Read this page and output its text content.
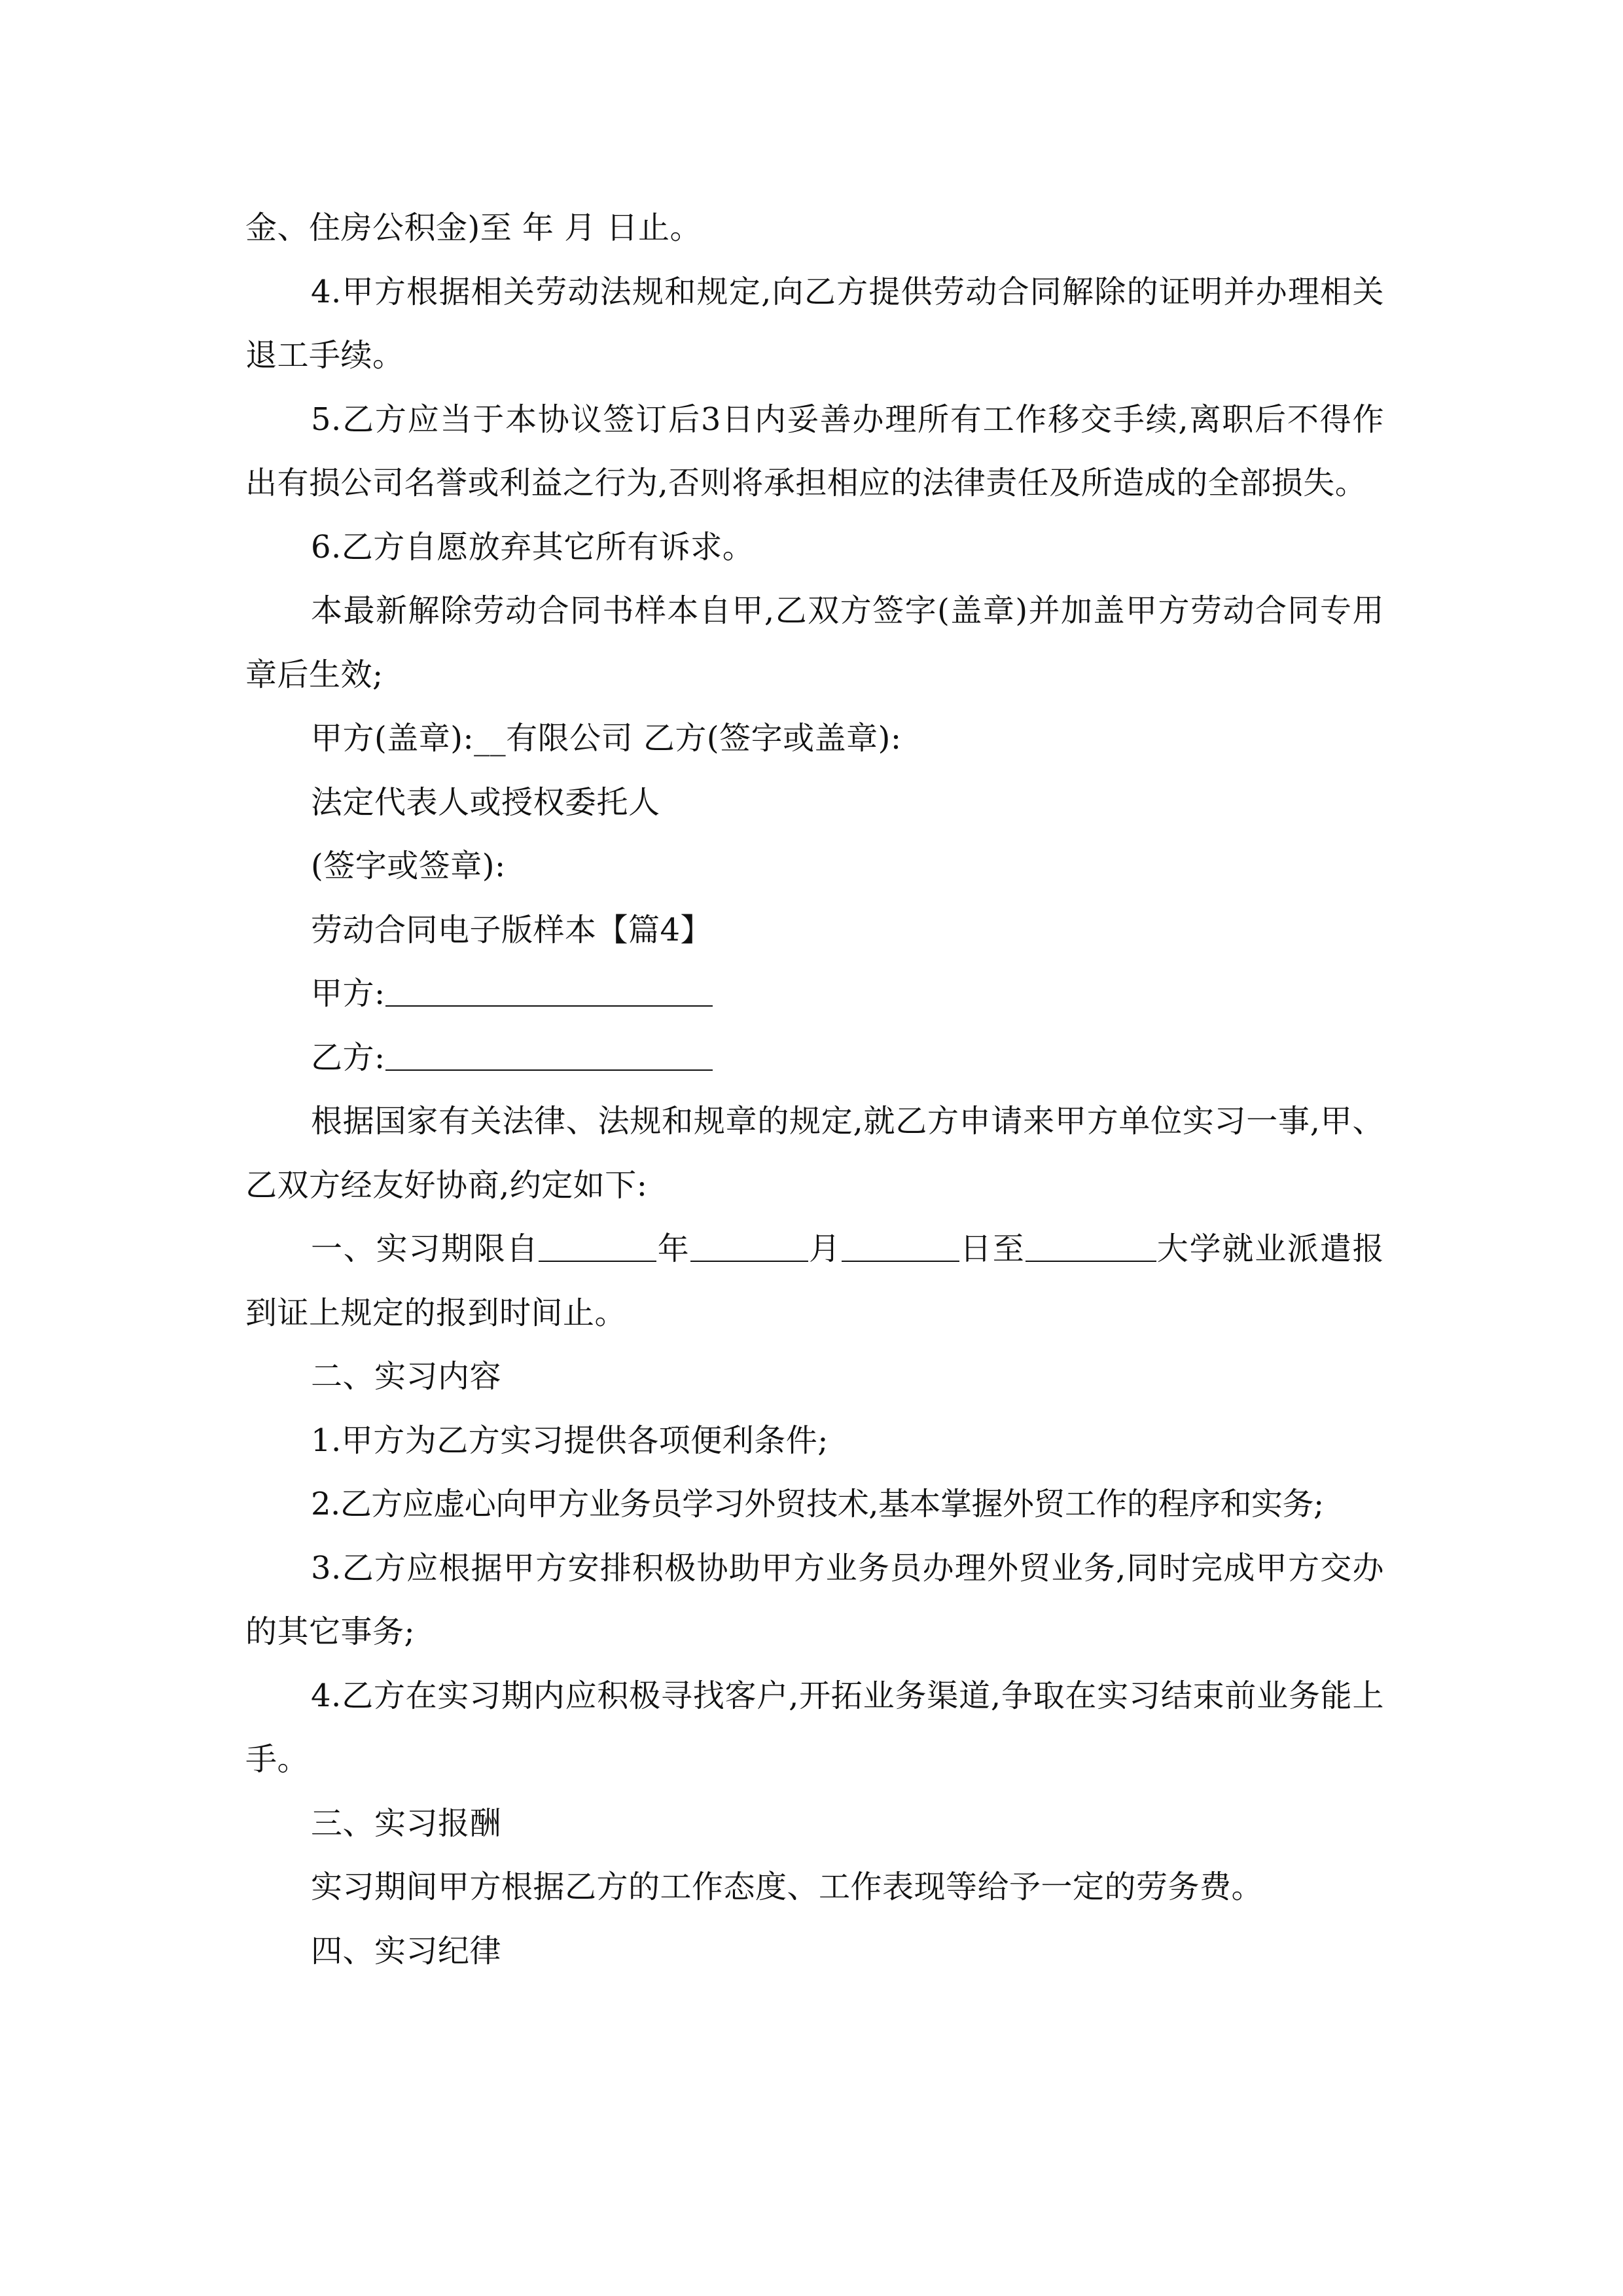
金、住房公积金)至 年 月 日止。

4.甲方根据相关劳动法规和规定,向乙方提供劳动合同解除的证明并办理相关退工手续。

5.乙方应当于本协议签订后3日内妥善办理所有工作移交手续,离职后不得作出有损公司名誉或利益之行为,否则将承担相应的法律责任及所造成的全部损失。

6.乙方自愿放弃其它所有诉求。

本最新解除劳动合同书样本自甲,乙双方签字(盖章)并加盖甲方劳动合同专用章后生效;

甲方(盖章):__有限公司 乙方(签字或盖章):

法定代表人或授权委托人

(签字或签章):

劳动合同电子版样本【篇4】

甲方:

乙方:

根据国家有关法律、法规和规章的规定,就乙方申请来甲方单位实习一事,甲、乙双方经友好协商,约定如下:

一、实习期限自	年	月	日至	大学就业派遣报到证上规定的报到时间止。

二、实习内容

1.甲方为乙方实习提供各项便利条件;

2.乙方应虚心向甲方业务员学习外贸技术,基本掌握外贸工作的程序和实务;

3.乙方应根据甲方安排积极协助甲方业务员办理外贸业务,同时完成甲方交办的其它事务;

4.乙方在实习期内应积极寻找客户,开拓业务渠道,争取在实习结束前业务能上手。

三、实习报酬

实习期间甲方根据乙方的工作态度、工作表现等给予一定的劳务费。

四、实习纪律
